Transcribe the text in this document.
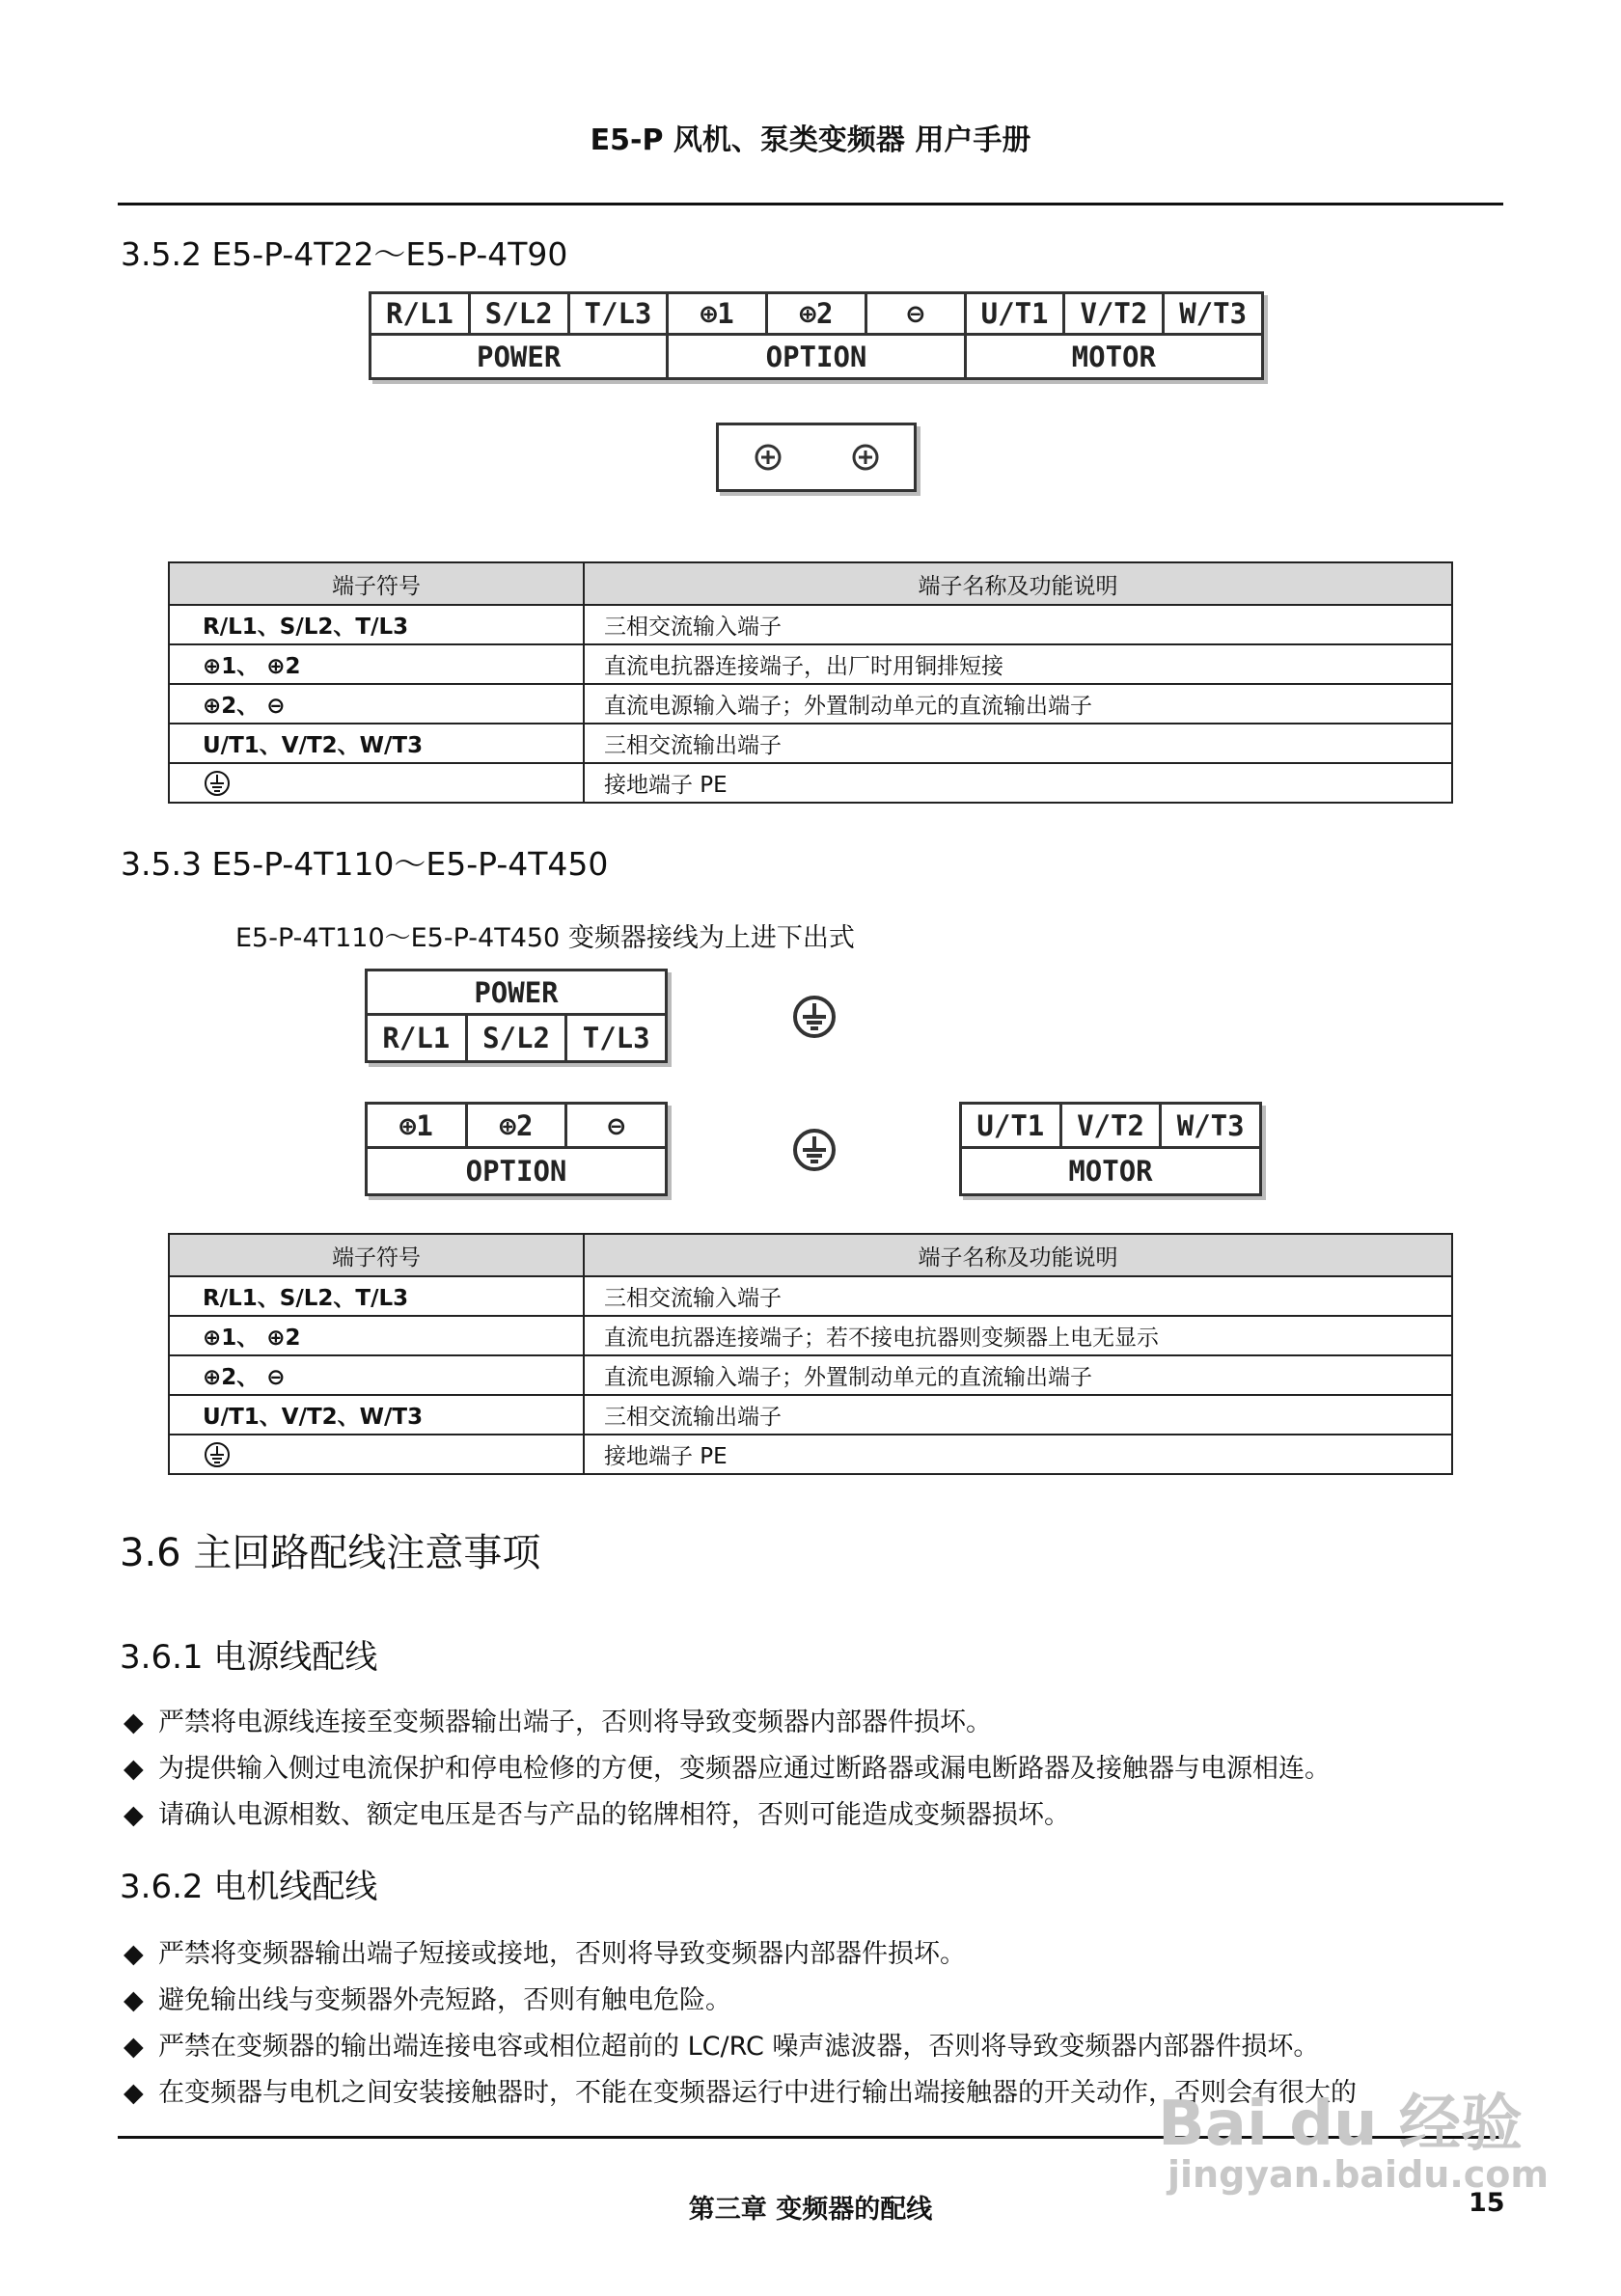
E5-P 风机、泵类变频器 用户手册
3.5.2 E5-P-4T22～E5-P-4T90
R/L1	S/L2	T/L3	⊕1	⊕2	⊖	U/T1	V/T2	W/T3
POWER	OPTION	MOTOR
端子符号	端子名称及功能说明
R/L1、S/L2、T/L3	三相交流输入端子
⊕1、 ⊕2	直流电抗器连接端子，出厂时用铜排短接
⊕2、 ⊖	直流电源输入端子；外置制动单元的直流输出端子
U/T1、V/T2、W/T3	三相交流输出端子
	接地端子 PE
3.5.3 E5-P-4T110～E5-P-4T450
E5-P-4T110～E5-P-4T450 变频器接线为上进下出式
POWER
R/L1	S/L2	T/L3
⊕1	⊕2	⊖
OPTION
U/T1	V/T2	W/T3
MOTOR
端子符号	端子名称及功能说明
R/L1、S/L2、T/L3	三相交流输入端子
⊕1、 ⊕2	直流电抗器连接端子；若不接电抗器则变频器上电无显示
⊕2、 ⊖	直流电源输入端子；外置制动单元的直流输出端子
U/T1、V/T2、W/T3	三相交流输出端子
	接地端子 PE
3.6 主回路配线注意事项
3.6.1 电源线配线
◆ 严禁将电源线连接至变频器输出端子，否则将导致变频器内部器件损坏。
◆ 为提供输入侧过电流保护和停电检修的方便，变频器应通过断路器或漏电断路器及接触器与电源相连。
◆ 请确认电源相数、额定电压是否与产品的铭牌相符，否则可能造成变频器损坏。
3.6.2 电机线配线
◆ 严禁将变频器输出端子短接或接地，否则将导致变频器内部器件损坏。
◆ 避免输出线与变频器外壳短路，否则有触电危险。
◆ 严禁在变频器的输出端连接电容或相位超前的 LC/RC 噪声滤波器，否则将导致变频器内部器件损坏。
◆ 在变频器与电机之间安装接触器时，不能在变频器运行中进行输出端接触器的开关动作，否则会有很大的
第三章 变频器的配线	15
Bai du 经验
jingyan.baidu.com
